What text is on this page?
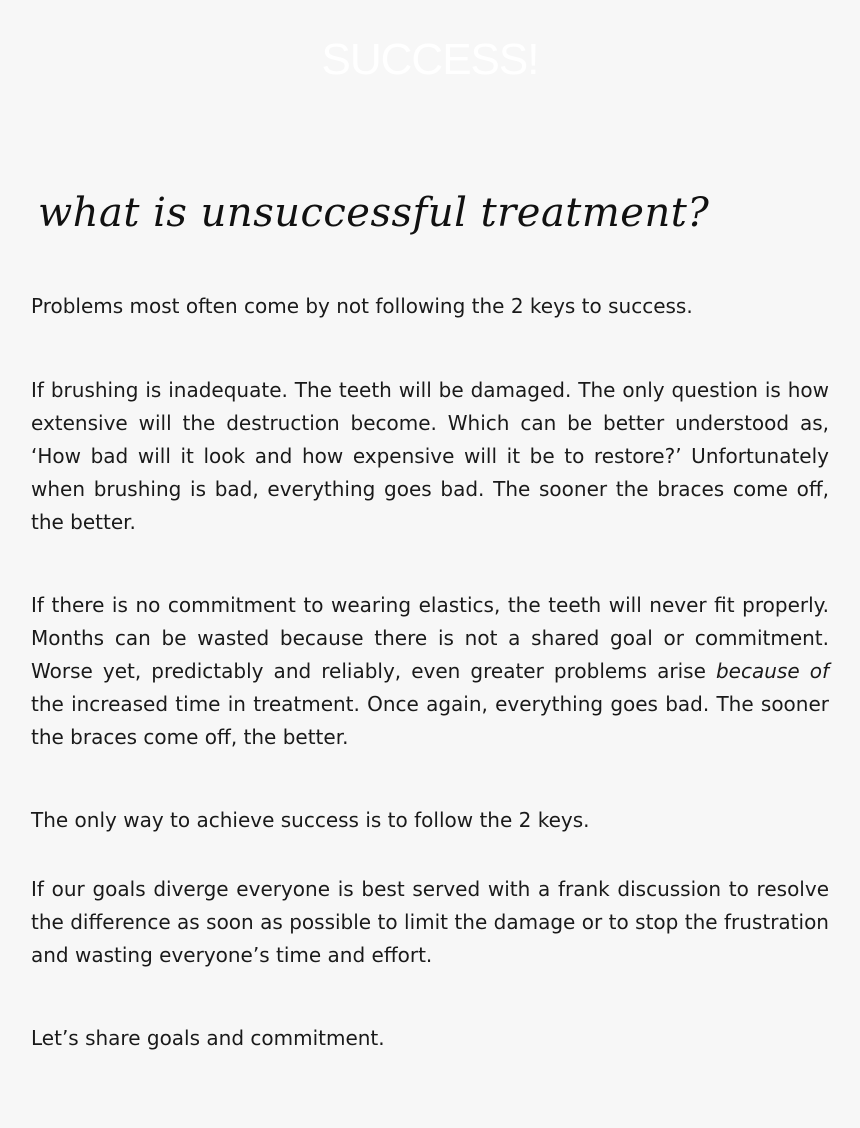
SUCCESS!
what is unsuccessful treatment?

Problems most often come by not following the 2 keys to success.

If brushing is inadequate. The teeth will be damaged. The only question is how extensive will the destruction become. Which can be better understood as, ‘How bad will it look and how expensive will it be to restore?’ Unfortunately when brushing is bad, everything goes bad. The sooner the braces come off, the better.

If there is no commitment to wearing elastics, the teeth will never fit properly. Months can be wasted because there is not a shared goal or commitment. Worse yet, predictably and reliably, even greater problems arise because of the increased time in treatment. Once again, everything goes bad. The sooner the braces come off, the better.

The only way to achieve success is to follow the 2 keys.

If our goals diverge everyone is best served with a frank discussion to resolve the difference as soon as possible to limit the damage or to stop the frustration and wasting everyone’s time and effort.

Let’s share goals and commitment.
